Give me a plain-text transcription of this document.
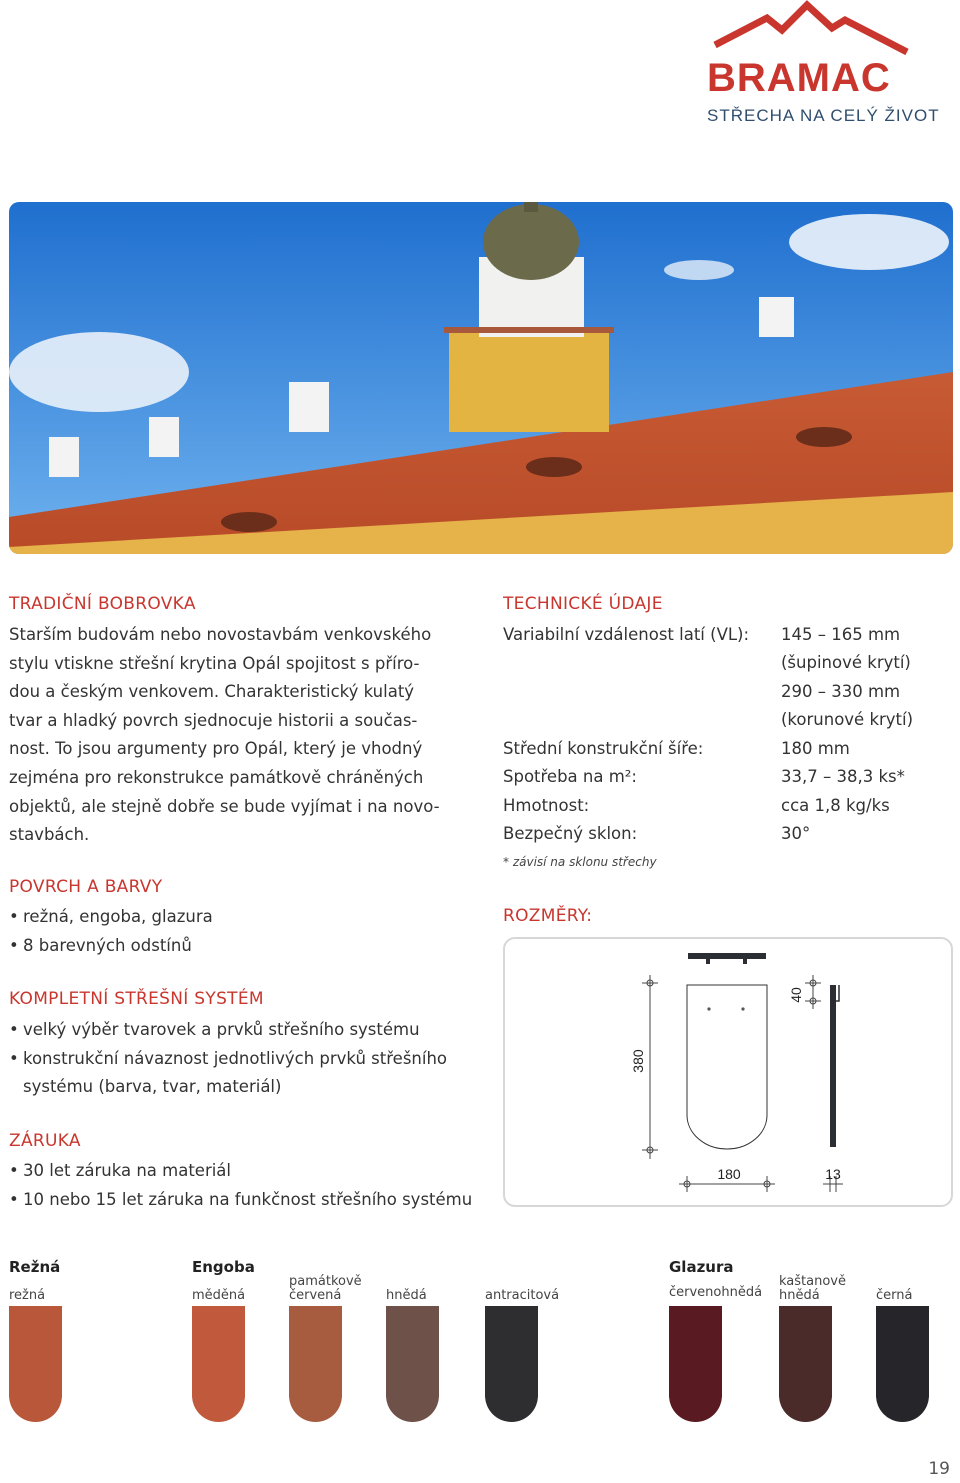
BRAMAC
STŘECHA NA CELÝ ŽIVOT
TRADIČNÍ BOBROVKA
Starším budovám nebo novostavbám venkovského
stylu vtiskne střešní krytina Opál spojitost s příro-
dou a českým venkovem. Charakteristický kulatý
tvar a hladký povrch sjednocuje historii a součas-
nost. To jsou argumenty pro Opál, který je vhodný
zejména pro rekonstrukce památkově chráněných
objektů, ale stejně dobře se bude vyjímat i na novo-
stavbách.
POVRCH A BARVY
• režná, engoba, glazura
• 8 barevných odstínů
KOMPLETNÍ STŘEŠNÍ SYSTÉM
• velký výběr tvarovek a prvků střešního systému
• konstrukční návaznost jednotlivých prvků střešního
systému (barva, tvar, materiál)
ZÁRUKA
• 30 let záruka na materiál
• 10 nebo 15 let záruka na funkčnost střešního systému
TECHNICKÉ ÚDAJE
Variabilní vzdálenost latí (VL): 145 – 165 mm
(šupinové krytí)
290 – 330 mm
(korunové krytí)
Střední konstrukční šíře:	180 mm
Spotřeba na m²:	33,7 – 38,3 ks*
Hmotnost:	cca 1,8 kg/ks
Bezpečný sklon:	30°
* závisí na sklonu střechy
ROZMĚRY:
380
180
40
13
Režná	Engoba	Glazura
režná	měděná
památkově červená	hnědá	antracitová	červenohnědá
kaštanově hnědá	černá
19
